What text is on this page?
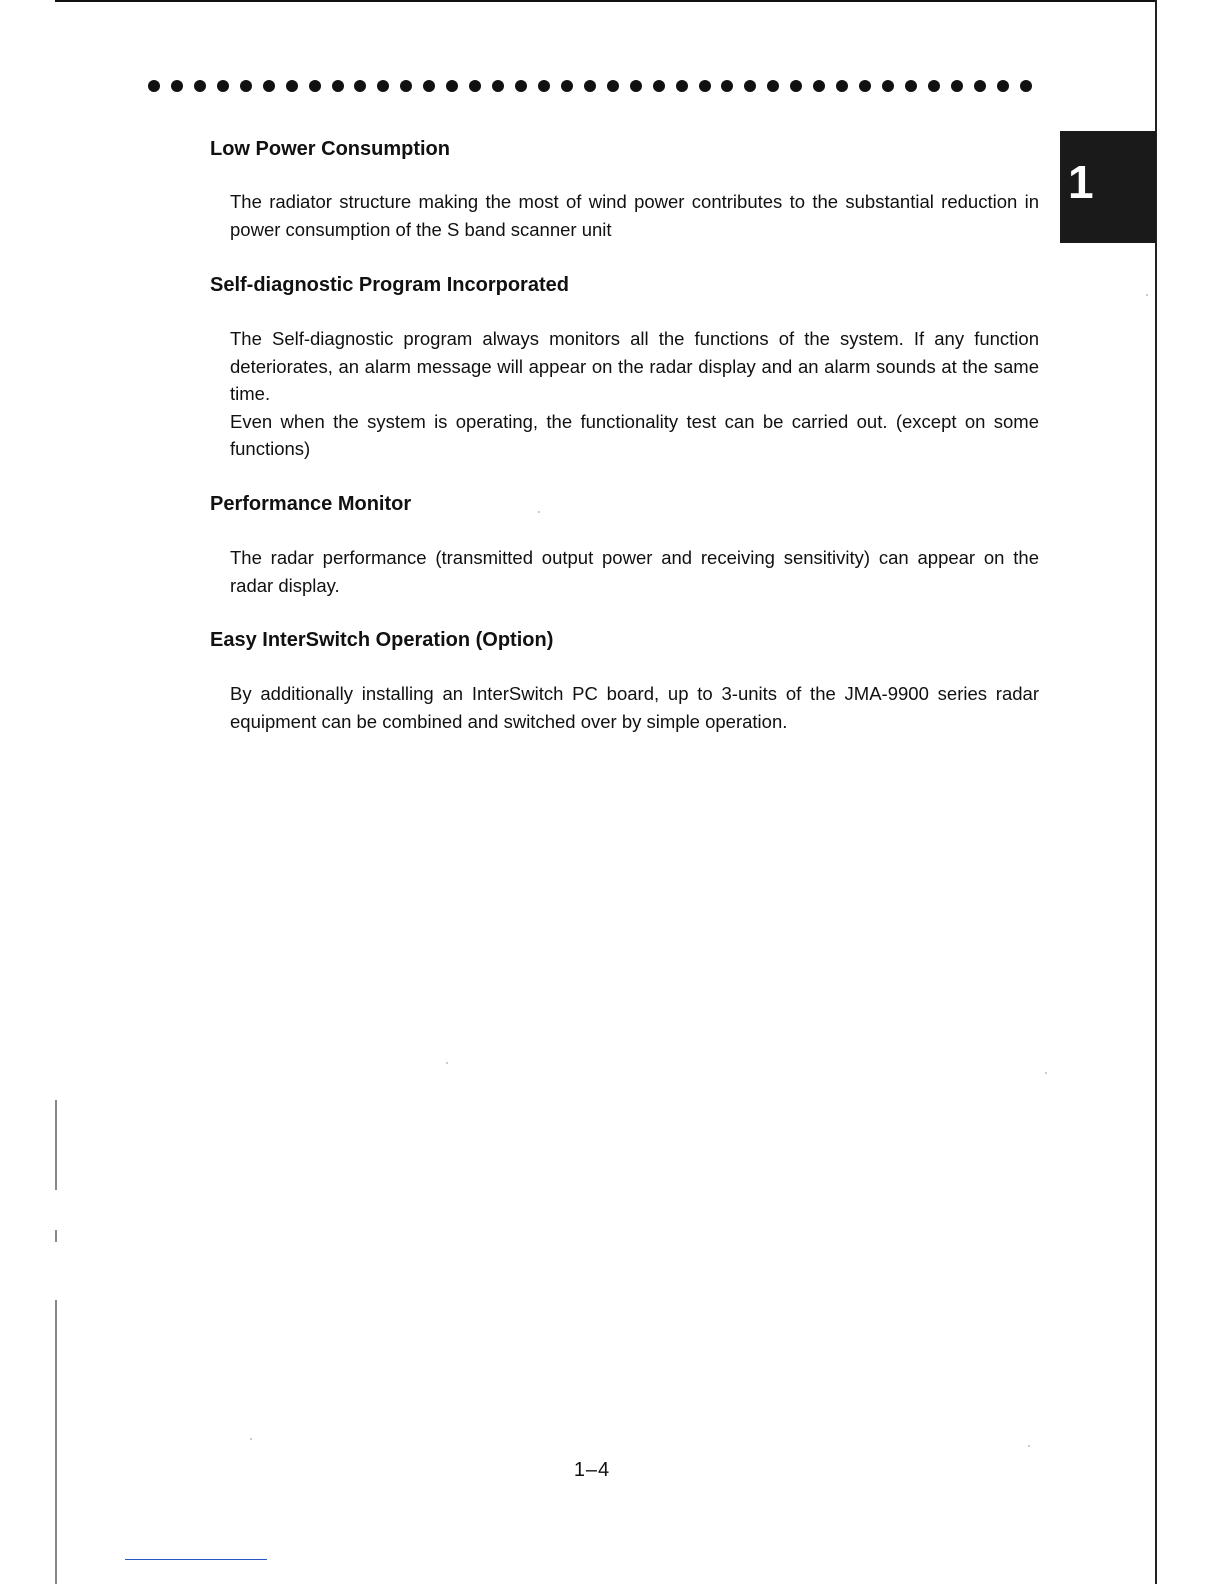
1
Low Power Consumption

The radiator structure making the most of wind power contributes to the substantial reduction in power consumption of the S band scanner unit

Self-diagnostic Program Incorporated

The Self-diagnostic program always monitors all the functions of the system. If any function deteriorates, an alarm message will appear on the radar display and an alarm sounds at the same time.

Even when the system is operating, the functionality test can be carried out. (except on some functions)

Performance Monitor

The radar performance (transmitted output power and receiving sensitivity) can appear on the radar display.

Easy InterSwitch Operation (Option)

By additionally installing an InterSwitch PC board, up to 3-units of the JMA-9900 series radar equipment can be combined and switched over by simple operation.

1–4
